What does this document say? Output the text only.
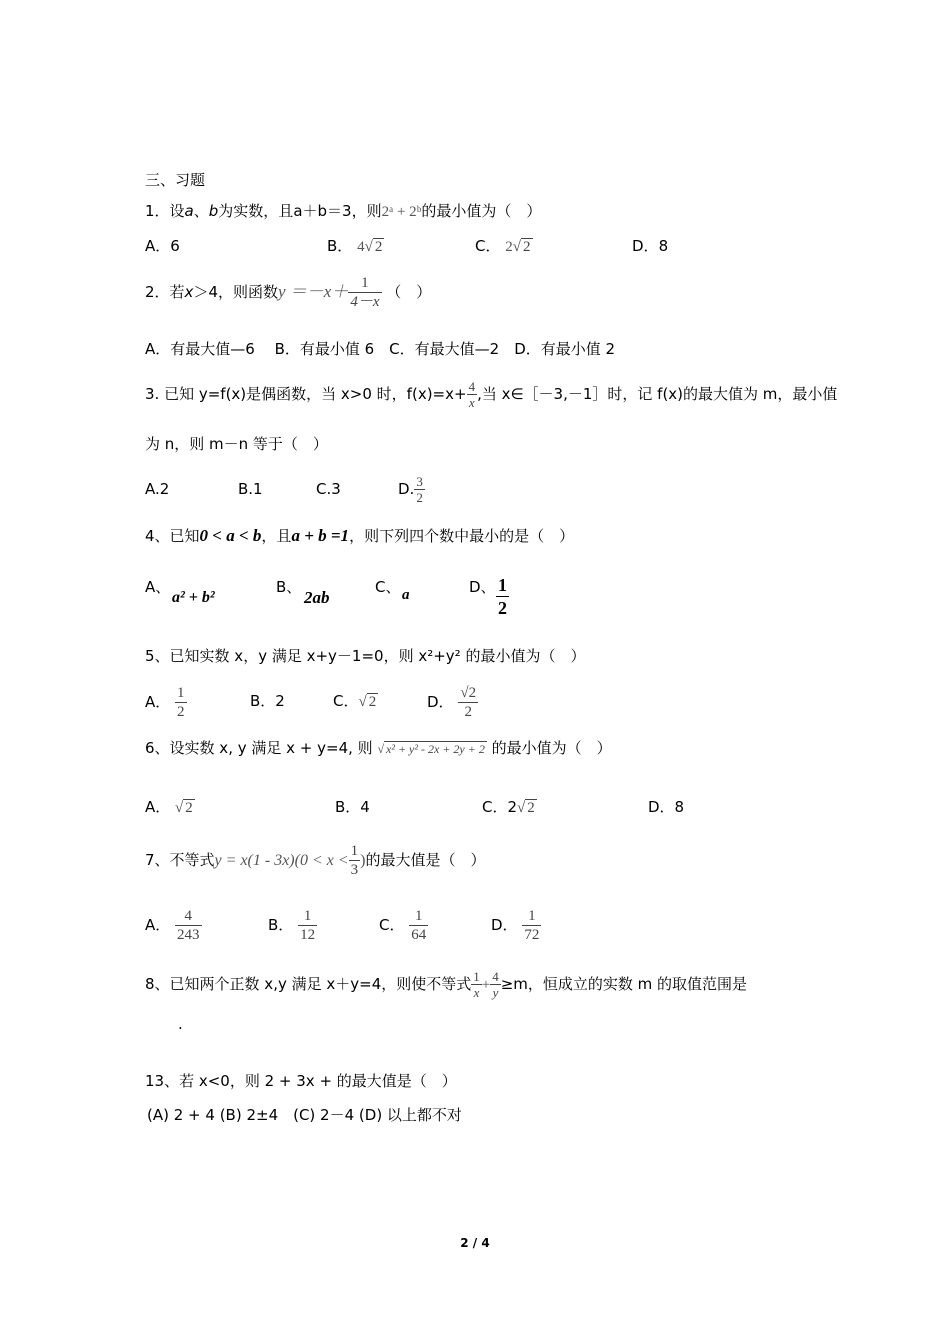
三、习题
1．设a、b为实数，且a＋b＝3，则2ᵃ + 2ᵇ的最小值为（　）
A．6	B． 4√ 2	C． 2√ 2	D．8
2．若x＞4，则函数$y =-x+ \frac{1}{4-x}$ （　）
A．有最大值—6　 B．有最小值 6　C．有最大值—2　D．有最小值 2
3. 已知 y=f(x)是偶函数，当 x>0 时，$f(x)=x+ \frac{4}{x}$ ,当 x∈［－3,－1］时，记 f(x)的最大值为 m，最小值
为 n，则 m－n 等于（　）
A.2	B.1	C.3	D. $\frac{3}{2}$
4、已知0 < a < b，且a + b =1，则下列四个数中最小的是（　）
A、
a² + b²
B、
2ab
C、 a	D、 $\frac{1}{2}$
5、已知实数 x，y 满足 x+y－1=0，则 x²+y² 的最小值为（　）
A． $\frac{1}{2}$	B．2	C．√ 2	D． $\frac{√2}{2}$
6、设实数 x, y 满足 x + y=4, 则 √ x² + y² - 2x + 2y + 2 的最小值为（　）
A． √ 2	B．4	C．2√ 2	D．8
7、不等式$y = x(1 - 3x)(0 < x < \frac{1}{3}$ )的最大值是（　）
A． $\frac{4}{243}$	B． $\frac{1}{12}$	C． $\frac{1}{64}$	D． $\frac{1}{72}$
8、已知两个正数 x,y 满足 x＋y=4，则使不等式 $\frac{1}{x} + \frac{4}{y} \ge m$，恒成立的实数 m 的取值范围是
.
13、若 x<0，则 2 + 3x + 的最大值是（　）
(A) 2 + 4 (B) 2±4　(C) 2－4 (D) 以上都不对
2 / 4
